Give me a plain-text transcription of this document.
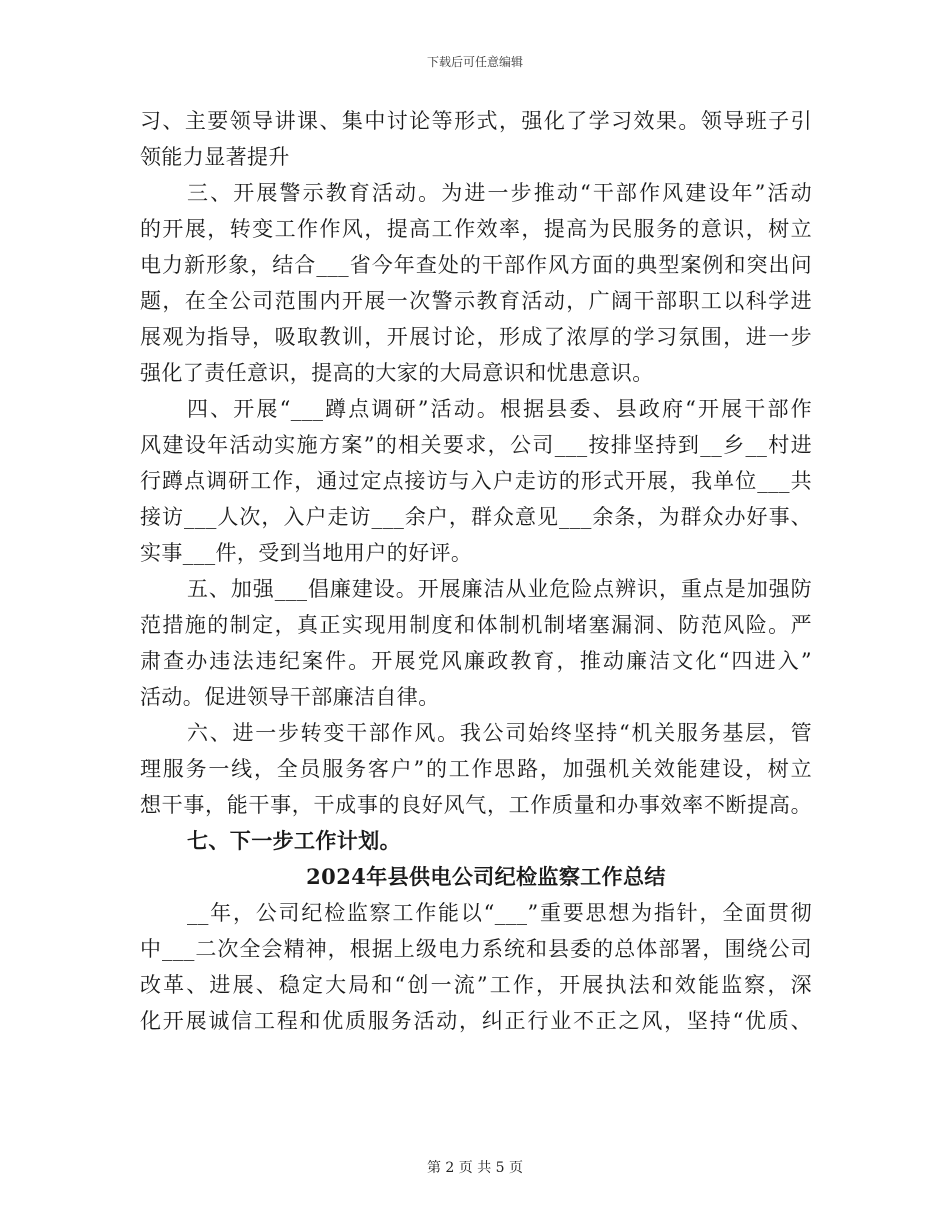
下载后可任意编辑
习、主要领导讲课、集中讨论等形式，强化了学习效果。领导班子引
领能力显著提升
三、开展警示教育活动。为进一步推动“干部作风建设年”活动
的开展，转变工作作风，提高工作效率，提高为民服务的意识，树立
电力新形象，结合___省今年查处的干部作风方面的典型案例和突出问
题，在全公司范围内开展一次警示教育活动，广阔干部职工以科学进
展观为指导，吸取教训，开展讨论，形成了浓厚的学习氛围，进一步
强化了责任意识，提高的大家的大局意识和忧患意识。
四、开展“___蹲点调研”活动。根据县委、县政府“开展干部作
风建设年活动实施方案”的相关要求，公司___按排坚持到__乡__村进
行蹲点调研工作，通过定点接访与入户走访的形式开展，我单位___共
接访___人次，入户走访___余户，群众意见___余条，为群众办好事、
实事___件，受到当地用户的好评。
五、加强___倡廉建设。开展廉洁从业危险点辨识，重点是加强防
范措施的制定，真正实现用制度和体制机制堵塞漏洞、防范风险。严
肃查办违法违纪案件。开展党风廉政教育，推动廉洁文化“四进入”
活动。促进领导干部廉洁自律。
六、进一步转变干部作风。我公司始终坚持“机关服务基层，管
理服务一线，全员服务客户”的工作思路，加强机关效能建设，树立
想干事，能干事，干成事的良好风气，工作质量和办事效率不断提高。
七、下一步工作计划。
2024年县供电公司纪检监察工作总结
__年，公司纪检监察工作能以“___”重要思想为指针，全面贯彻
中___二次全会精神，根据上级电力系统和县委的总体部署，围绕公司
改革、进展、稳定大局和“创一流”工作，开展执法和效能监察，深
化开展诚信工程和优质服务活动，纠正行业不正之风，坚持“优质、
第 2 页 共 5 页
